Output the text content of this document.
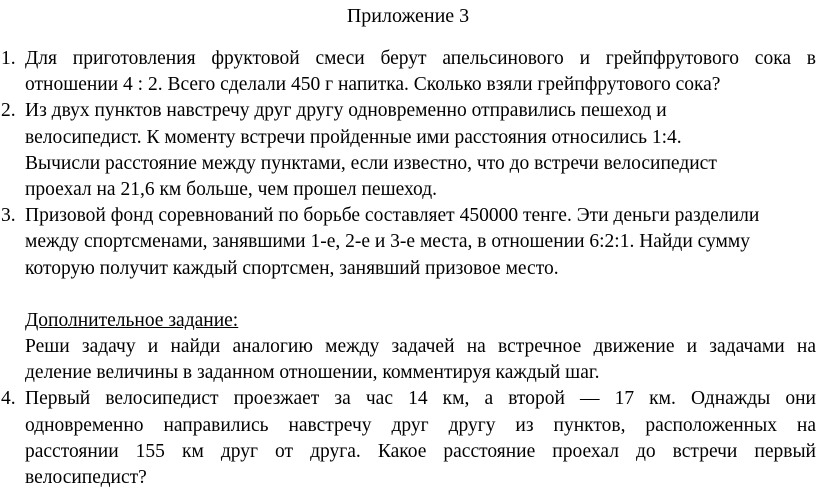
Приложение 3
1. Для приготовления фруктовой смеси берут апельсинового и грейпфрутового сока в
отношении 4 : 2. Всего сделали 450 г напитка. Сколько взяли грейпфрутового сока?
2. Из двух пунктов навстречу друг другу одновременно отправились пешеход и
велосипедист. К моменту встречи пройденные ими расстояния относились 1:4.
Вычисли расстояние между пунктами, если известно, что до встречи велосипедист
проехал на 21,6 км больше, чем прошел пешеход.
3. Призовой фонд соревнований по борьбе составляет 450000 тенге. Эти деньги разделили
между спортсменами, занявшими 1-е, 2-е и 3-е места, в отношении 6:2:1. Найди сумму
которую получит каждый спортсмен, занявший призовое место.
Дополнительное задание:
Реши задачу и найди аналогию между задачей на встречное движение и задачами на
деление величины в заданном отношении, комментируя каждый шаг.
4. Первый велосипедист проезжает за час 14 км, а второй — 17 км. Однажды они
одновременно направились навстречу друг другу из пунктов, расположенных на
расстоянии 155 км друг от друга. Какое расстояние проехал до встречи первый
велосипедист?
